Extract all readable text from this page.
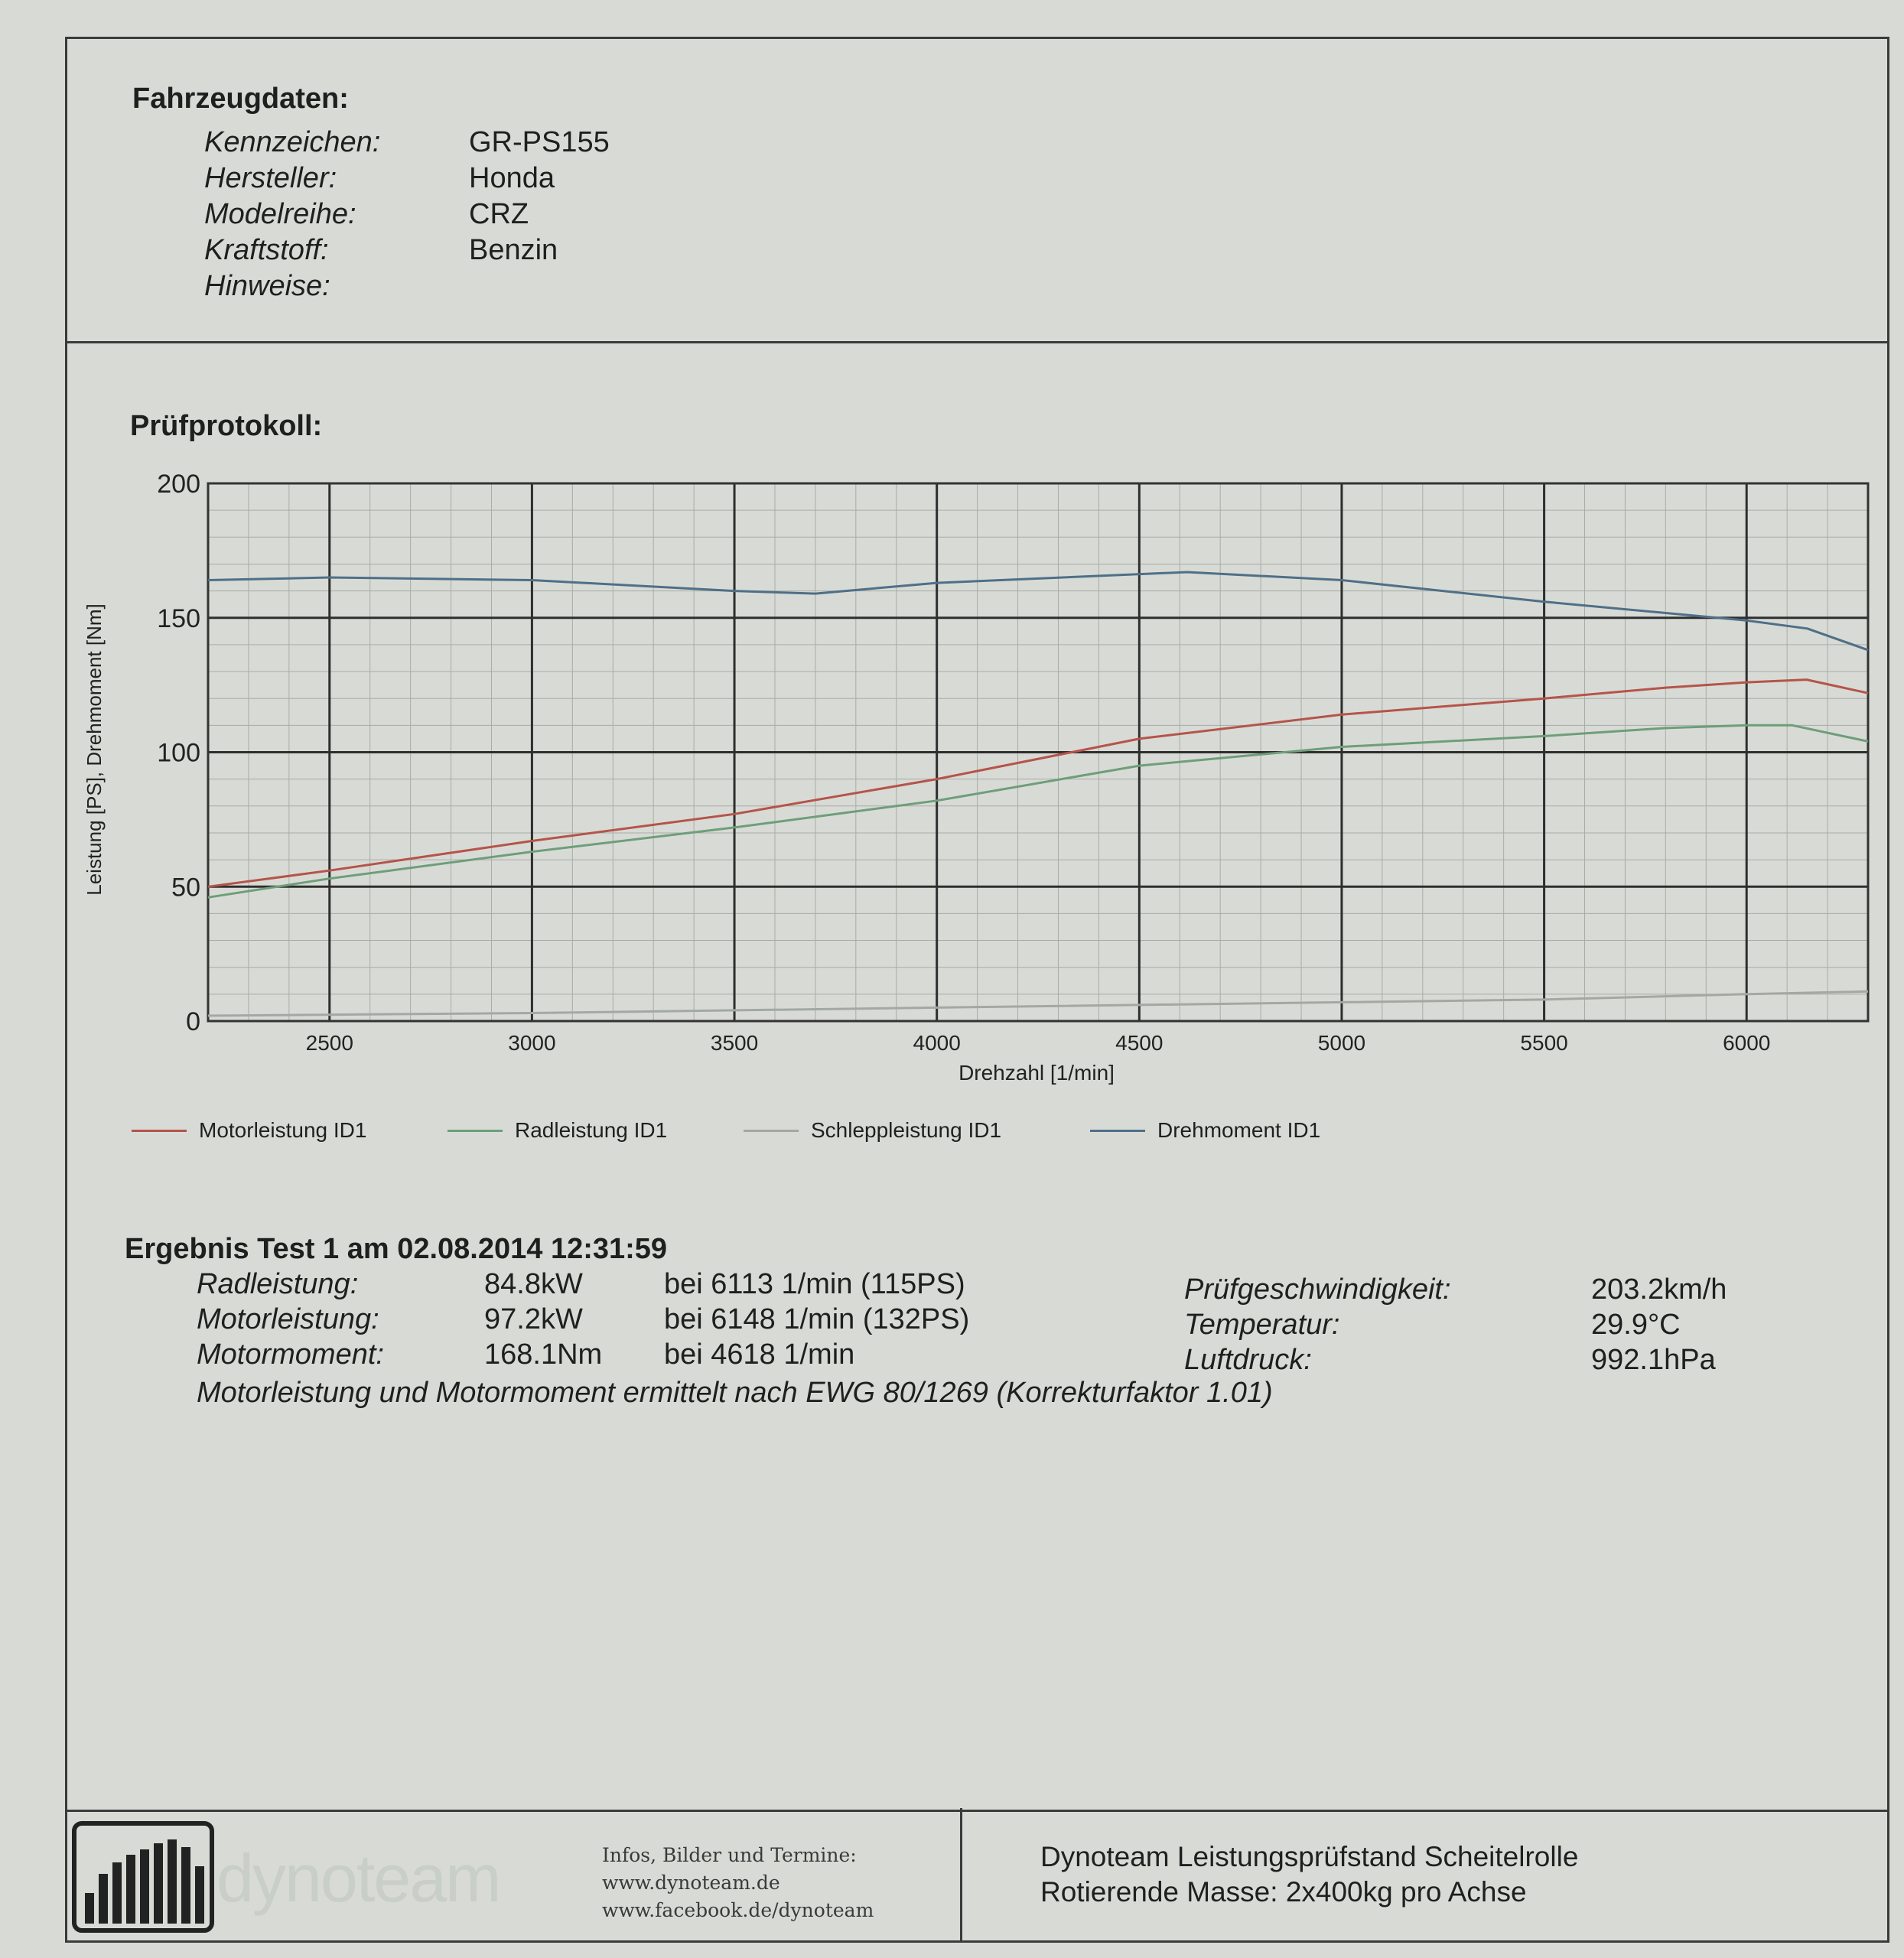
Fahrzeugdaten:
Kennzeichen:	GR-PS155
Hersteller:	Honda
Modelreihe:	CRZ
Kraftstoff:	Benzin
Hinweise:
Prüfprotokoll:
0
50
100
150
200
2500	3000	3500	4000	4500	5000	5500	6000
Drehzahl [1/min]
Leistung [PS], Drehmoment [Nm]
Motorleistung ID1	Radleistung ID1	Schleppleistung ID1	Drehmoment ID1
Ergebnis Test 1 am 02.08.2014 12:31:59
Radleistung:	84.8kW	bei 6113 1/min (115PS)
Motorleistung:	97.2kW	bei 6148 1/min (132PS)
Motormoment:	168.1Nm bei 4618 1/min
Prüfgeschwindigkeit:	203.2km/h
Temperatur:	29.9°C
Luftdruck:	992.1hPa
Motorleistung und Motormoment ermittelt nach EWG 80/1269 (Korrekturfaktor 1.01)
dynoteam	Infos, Bilder und Termine:
www.dynoteam.de
www.facebook.de/dynoteam
Dynoteam Leistungsprüfstand Scheitelrolle
Rotierende Masse: 2x400kg pro Achse
